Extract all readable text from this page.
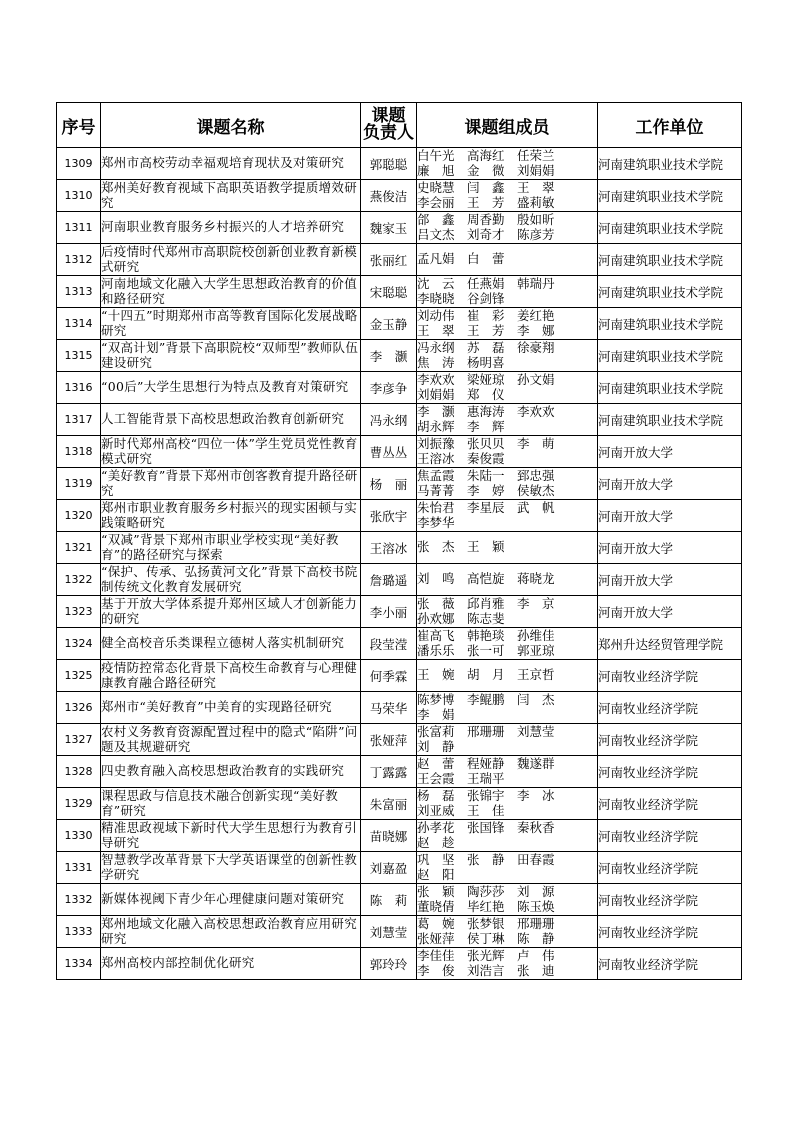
序号	课题名称	课题
负责人	课题组成员	工作单位
1309	郑州市高校劳动幸福观培育现状及对策研究	郭聪聪	白午光　高海红　任荣兰
廉　旭　金　微　刘娟娟	河南建筑职业技术学院
1310	郑州美好教育视域下高职英语教学提质增效研究	燕俊洁	史晓慧　闫　鑫　王　翠
李会丽　王　芳　盛莉敏	河南建筑职业技术学院
1311	河南职业教育服务乡村振兴的人才培养研究	魏家玉	郃　鑫　周香勤　殷如昕
吕文杰　刘奇才　陈彦芳	河南建筑职业技术学院
1312	后疫情时代郑州市高职院校创新创业教育新模式研究	张丽红	孟凡娟　白　蕾	河南建筑职业技术学院
1313	河南地域文化融入大学生思想政治教育的价值和路径研究	宋聪聪	沈　云　任燕娟　韩瑞丹
李晓晓　谷剑锋	河南建筑职业技术学院
1314	“十四五”时期郑州市高等教育国际化发展战略研究	金玉静	刘动伟　崔　彩　姜红艳
王　翠　王　芳　李　娜	河南建筑职业技术学院
1315	“双高计划”背景下高职院校“双师型”教师队伍建设研究	李　灏	冯永纲　苏　磊　徐豪翔
焦　涛　杨明喜	河南建筑职业技术学院
1316	“00后”大学生思想行为特点及教育对策研究	李彦争	李欢欢　梁娅琼　孙文娟
刘娟娟　郑　仪	河南建筑职业技术学院
1317	人工智能背景下高校思想政治教育创新研究	冯永纲	李　灏　惠海涛　李欢欢
胡永辉　李　辉	河南建筑职业技术学院
1318	新时代郑州高校“四位一体”学生党员党性教育模式研究	曹丛丛	刘振豫　张贝贝　李　萌
王溶冰　秦俊霞	河南开放大学
1319	“美好教育”背景下郑州市创客教育提升路径研究	杨　丽	焦孟霞　朱陆一　郅忠强
马菁菁　李　婷　侯敏杰	河南开放大学
1320	郑州市职业教育服务乡村振兴的现实困顿与实践策略研究	张欣宇	朱怡君　李星辰　武　帆
李梦华	河南开放大学
1321	“双减”背景下郑州市职业学校实现“美好教育”的路径研究与探索	王溶冰	张　杰　王　颖	河南开放大学
1322	“保护、传承、弘扬黄河文化”背景下高校书院制传统文化教育发展研究	詹璐遥	刘　鸣　高恺旋　蒋晓龙	河南开放大学
1323	基于开放大学体系提升郑州区域人才创新能力的研究	李小丽	张　薇　邱肖雅　李　京
孙欢娜　陈志斐	河南开放大学
1324	健全高校音乐类课程立德树人落实机制研究	段莹滢	崔高飞　韩艳琰　孙维佳
潘乐乐　张一可　郭亚琼	郑州升达经贸管理学院
1325	疫情防控常态化背景下高校生命教育与心理健康教育融合路径研究	何季霖	王　婉　胡　月　王京哲	河南牧业经济学院
1326	郑州市“美好教育”中美育的实现路径研究	马荣华	陈梦博　李鲲鹏　闫　杰
李　娟	河南牧业经济学院
1327	农村义务教育资源配置过程中的隐式“陷阱”问题及其规避研究	张娅萍	张富莉　邢珊珊　刘慧莹
刘　静	河南牧业经济学院
1328	四史教育融入高校思想政治教育的实践研究	丁露露	赵　蕾　程娅静　魏遂群
王会霞　王瑞平	河南牧业经济学院
1329	课程思政与信息技术融合创新实现“美好教育”研究	朱富丽	杨　磊　张锦宇　李　冰
刘亚威　王　佳	河南牧业经济学院
1330	精准思政视域下新时代大学生思想行为教育引导研究	苗晓娜	孙孝花　张国锋　秦秋香
赵　趁	河南牧业经济学院
1331	智慧教学改革背景下大学英语课堂的创新性教学研究	刘嘉盈	巩　坚　张　静　田春霞
赵　阳	河南牧业经济学院
1332	新媒体视阈下青少年心理健康问题对策研究	陈　莉	张　颖　陶莎莎　刘　源
董晓倩　毕红艳　陈玉焕	河南牧业经济学院
1333	郑州地域文化融入高校思想政治教育应用研究研究	刘慧莹	葛　婉　张梦银　邢珊珊
张娅萍　侯丁琳　陈　静	河南牧业经济学院
1334	郑州高校内部控制优化研究	郭玲玲	李佳佳　张光辉　卢　伟
李　俊　刘浩言　张　迪	河南牧业经济学院
